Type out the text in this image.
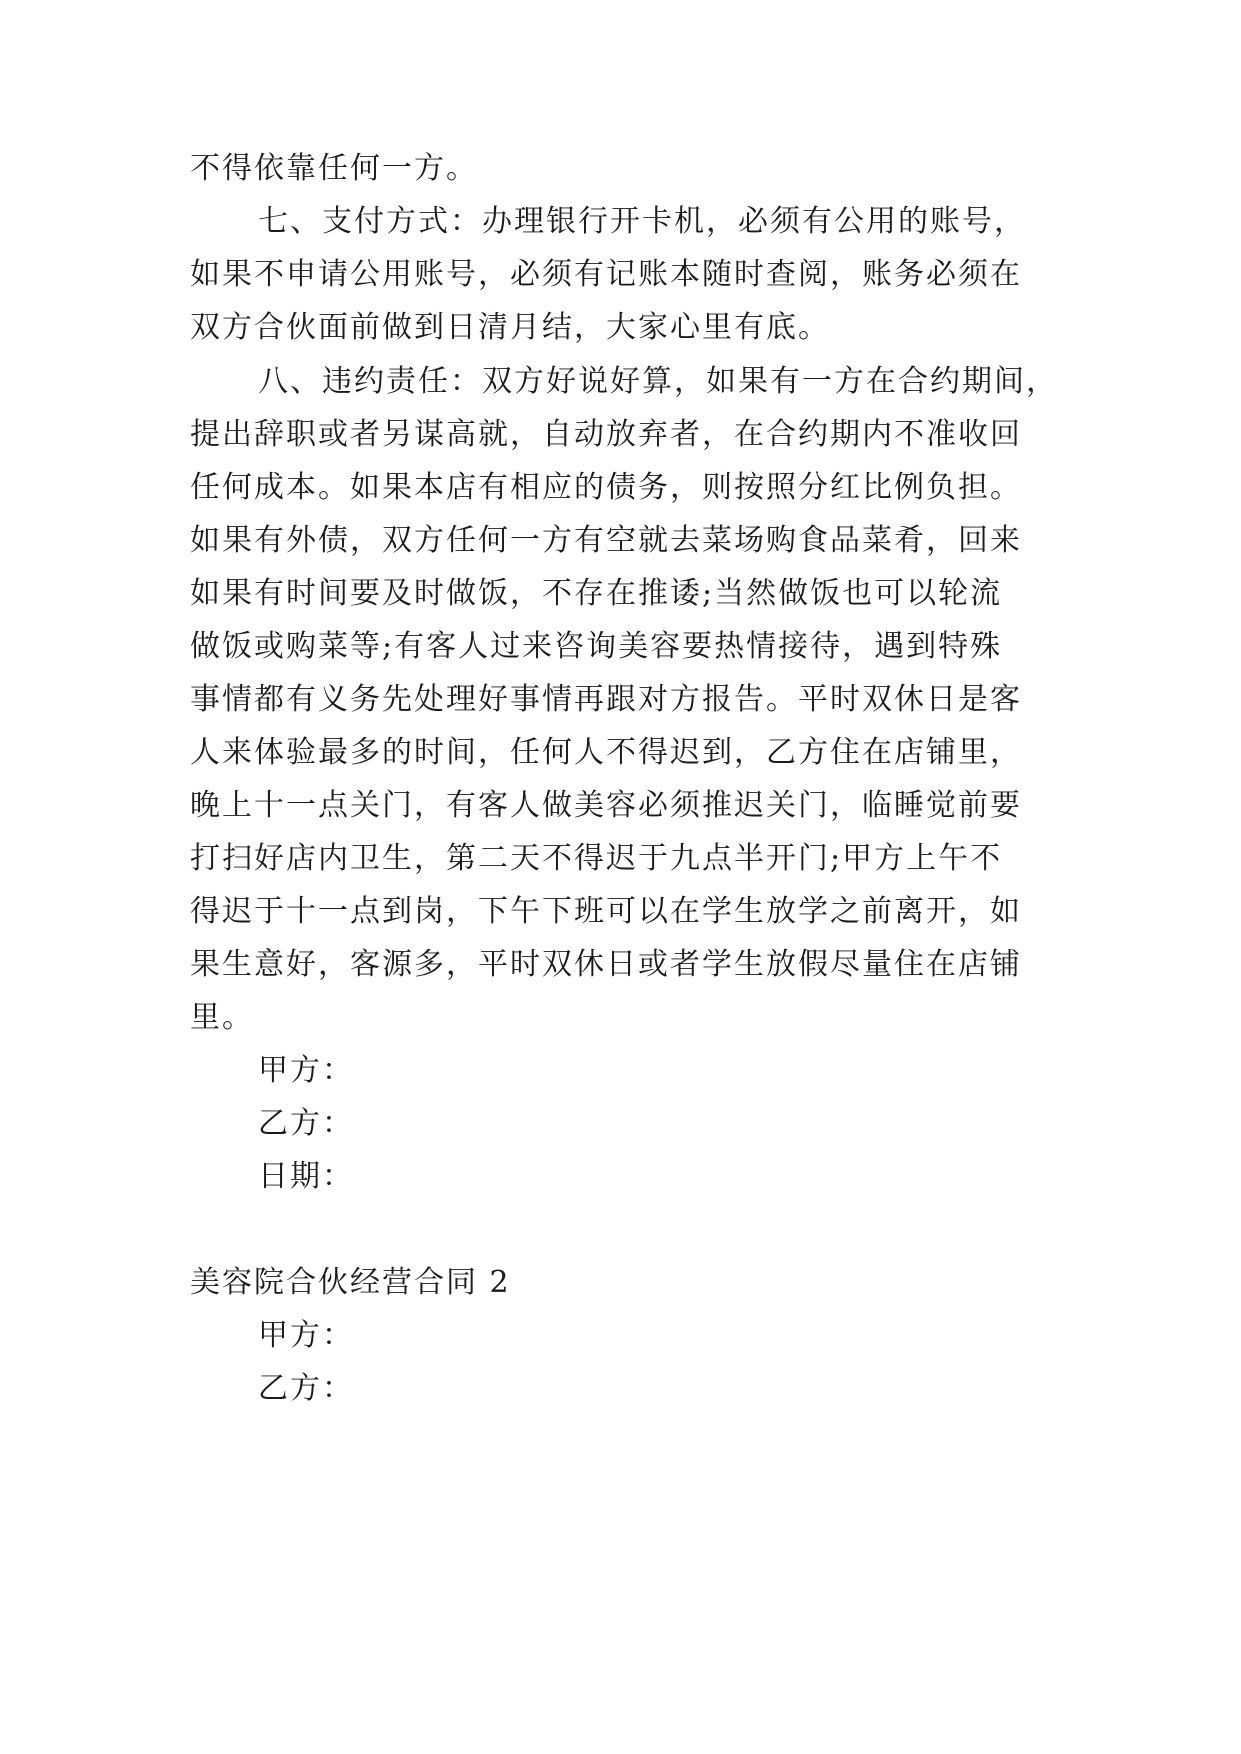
不得依靠任何一方。
七、支付方式：办理银行开卡机，必须有公用的账号，
如果不申请公用账号，必须有记账本随时查阅，账务必须在
双方合伙面前做到日清月结，大家心里有底。
八、违约责任：双方好说好算，如果有一方在合约期间，
提出辞职或者另谋高就，自动放弃者，在合约期内不准收回
任何成本。如果本店有相应的债务，则按照分红比例负担。
如果有外债，双方任何一方有空就去菜场购食品菜肴，回来
如果有时间要及时做饭，不存在推诿;当然做饭也可以轮流
做饭或购菜等;有客人过来咨询美容要热情接待，遇到特殊
事情都有义务先处理好事情再跟对方报告。平时双休日是客
人来体验最多的时间，任何人不得迟到，乙方住在店铺里，
晚上十一点关门，有客人做美容必须推迟关门，临睡觉前要
打扫好店内卫生，第二天不得迟于九点半开门;甲方上午不
得迟于十一点到岗，下午下班可以在学生放学之前离开，如
果生意好，客源多，平时双休日或者学生放假尽量住在店铺
里。
甲方：
乙方：
日期：
美容院合伙经营合同 2
甲方：
乙方：
